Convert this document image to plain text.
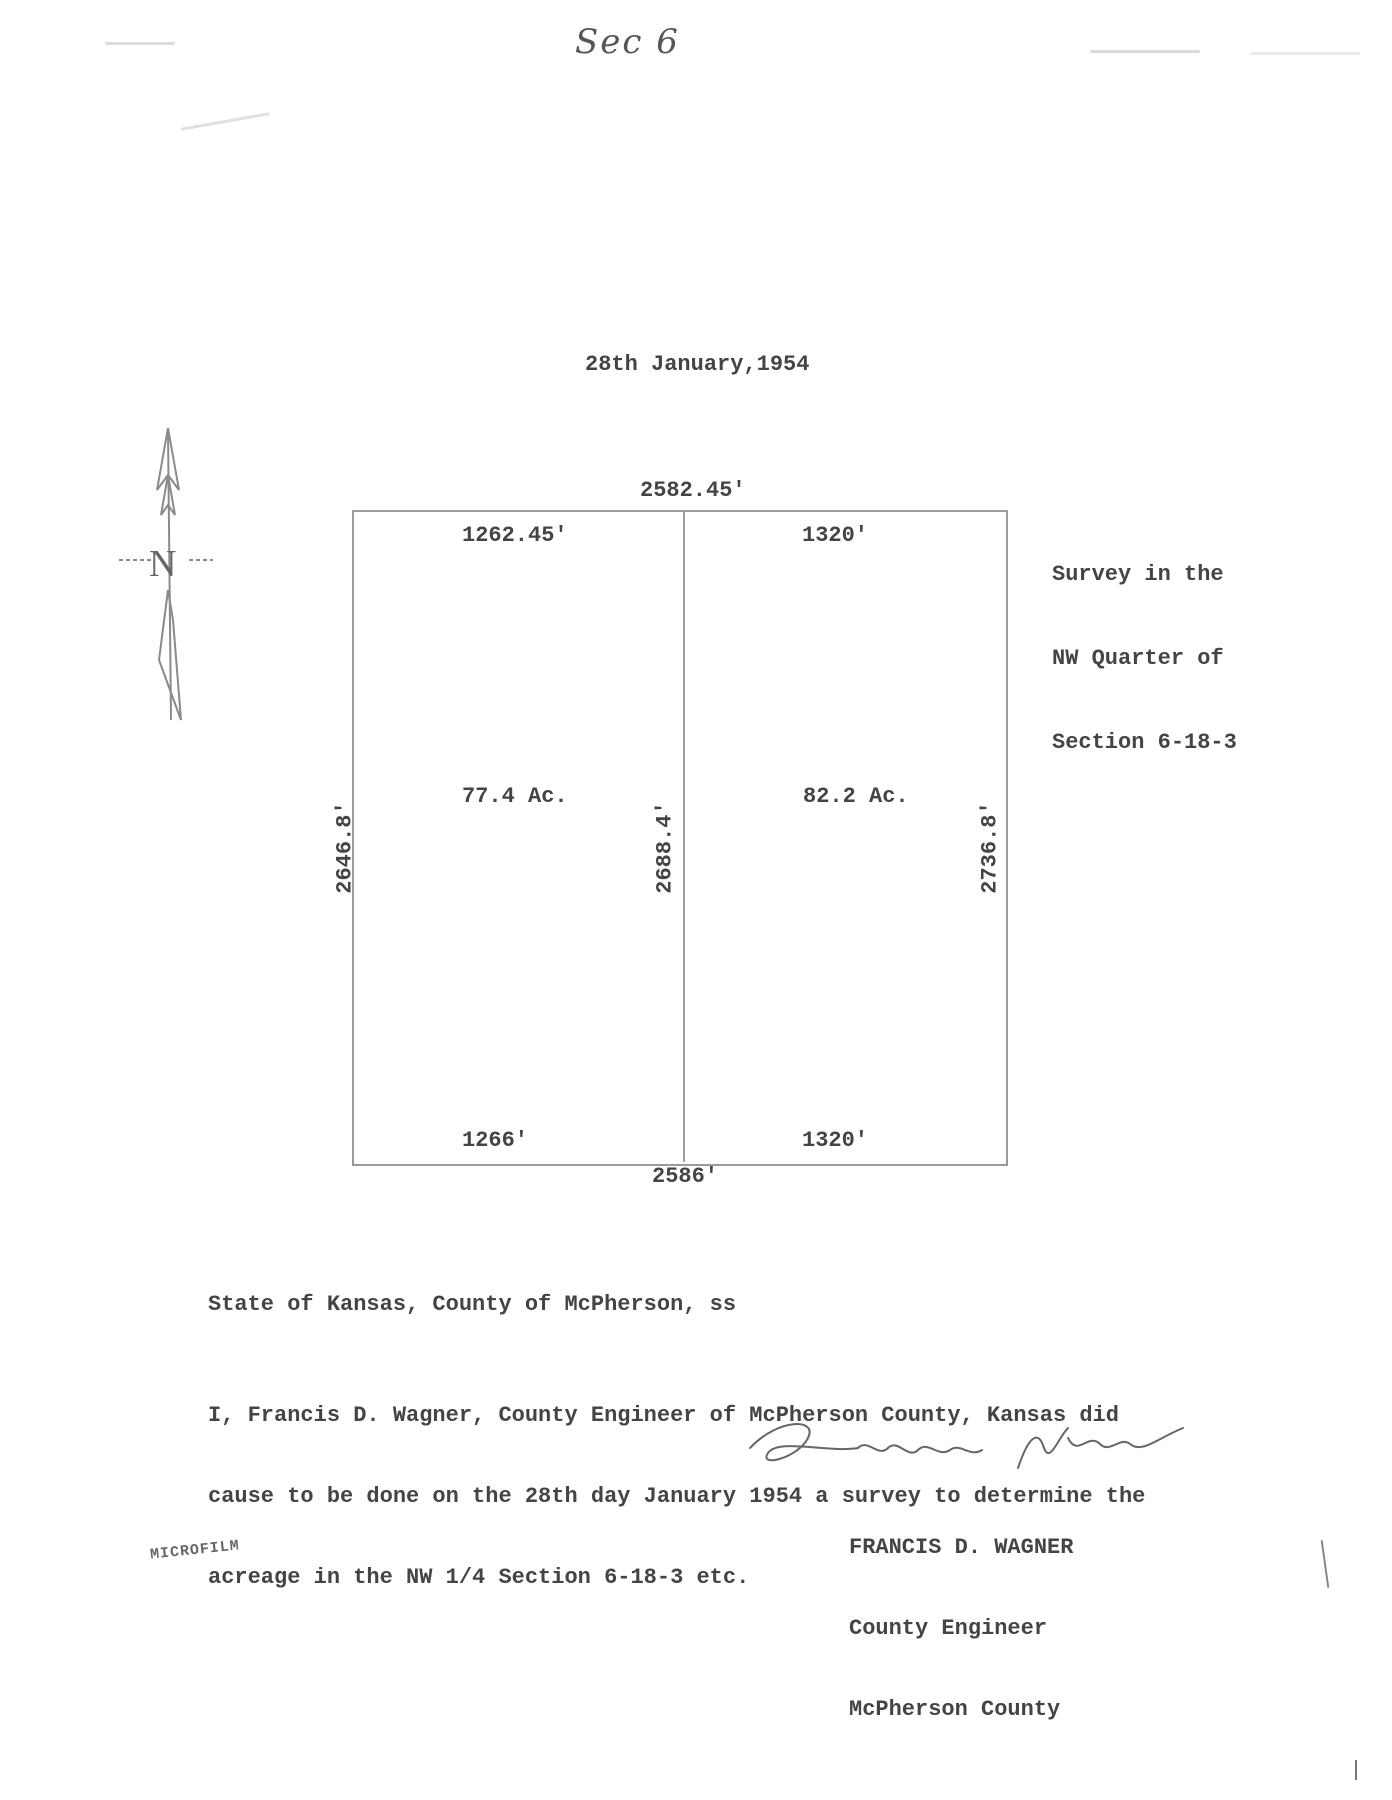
Sec 6
28th January,1954
N
2582.45'
1262.45'	1320'
77.4 Ac.	82.2 Ac.
2646.8'	2688.4'	2736.8'
1266'	1320'
2586'

Survey in the

NW Quarter of

Section 6-18-3

State of Kansas, County of McPherson, ss

I, Francis D. Wagner, County Engineer of McPherson County, Kansas did

cause to be done on the 28th day January 1954 a survey to determine the

acreage in the NW 1/4 Section 6-18-3 etc.

FRANCIS D. WAGNER

County Engineer

McPherson County

MICROFILM
